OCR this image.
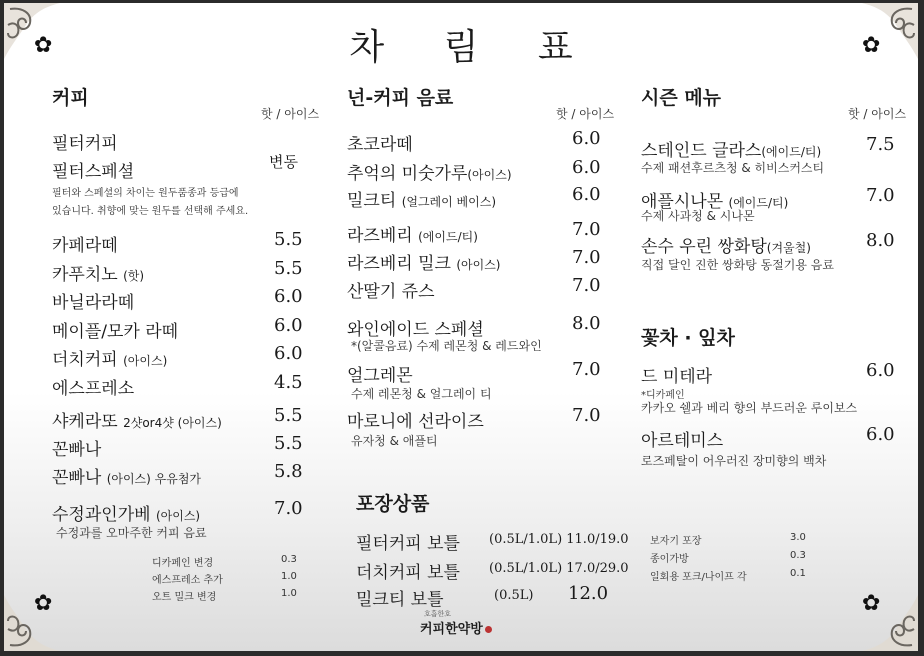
✿	✿
✿	✿
차 림 표
커피
핫 / 아이스
필터커피
필터스페셜	변동
필터와 스페셜의 차이는 원두품종과 등급에
있습니다. 취향에 맞는 원두를 선택해 주세요.
카페라떼	5.5
카푸치노 (핫)	5.5
바닐라라떼	6.0
메이플/모카 라떼	6.0
더치커피 (아이스)	6.0
에스프레소	4.5
샤케라또 2샷or4샷 (아이스)	5.5
꼰빠나	5.5
꼰빠나 (아이스) 우유첨가	5.8
수정과인가베 (아이스)	7.0
수정과를 오마주한 커피 음료
디카페인 변경	0.3
에스프레소 추가	1.0
오트 밀크 변경	1.0
넌-커피 음료
핫 / 아이스
초코라떼	6.0
추억의 미숫가루(아이스)	6.0
밀크티 (얼그레이 베이스)	6.0
라즈베리 (에이드/티)	7.0
라즈베리 밀크 (아이스)	7.0
산딸기 쥬스	7.0
와인에이드 스페셜	8.0
*(알콜음료) 수제 레몬청 & 레드와인
얼그레몬	7.0
수제 레몬청 & 얼그레이 티
마로니에 선라이즈	7.0
유자청 & 애플티
시즌 메뉴
핫 / 아이스
스테인드 글라스(에이드/티) 7.5
수제 패션후르츠청 & 히비스커스티
애플시나몬 (에이드/티)	7.0
수제 사과청 & 시나몬
손수 우린 쌍화탕(겨울철)	8.0
직접 달인 진한 쌍화탕 동절기용 음료
꽃차 · 잎차
드 미테라	6.0
*디카페인
카카오 쉘과 베리 향의 부드러운 루이보스
아르테미스	6.0
로즈페탈이 어우러진 장미향의 백차
포장상품
필터커피 보틀 (0.5L/1.0L) 11.0/19.0
더치커피 보틀 (0.5L/1.0L) 17.0/29.0
밀크티 보틀	(0.5L) 12.0
보자기 포장	3.0
종이가방	0.3
일회용 포크/나이프 각	0.1
호흡한호
커피한약방
